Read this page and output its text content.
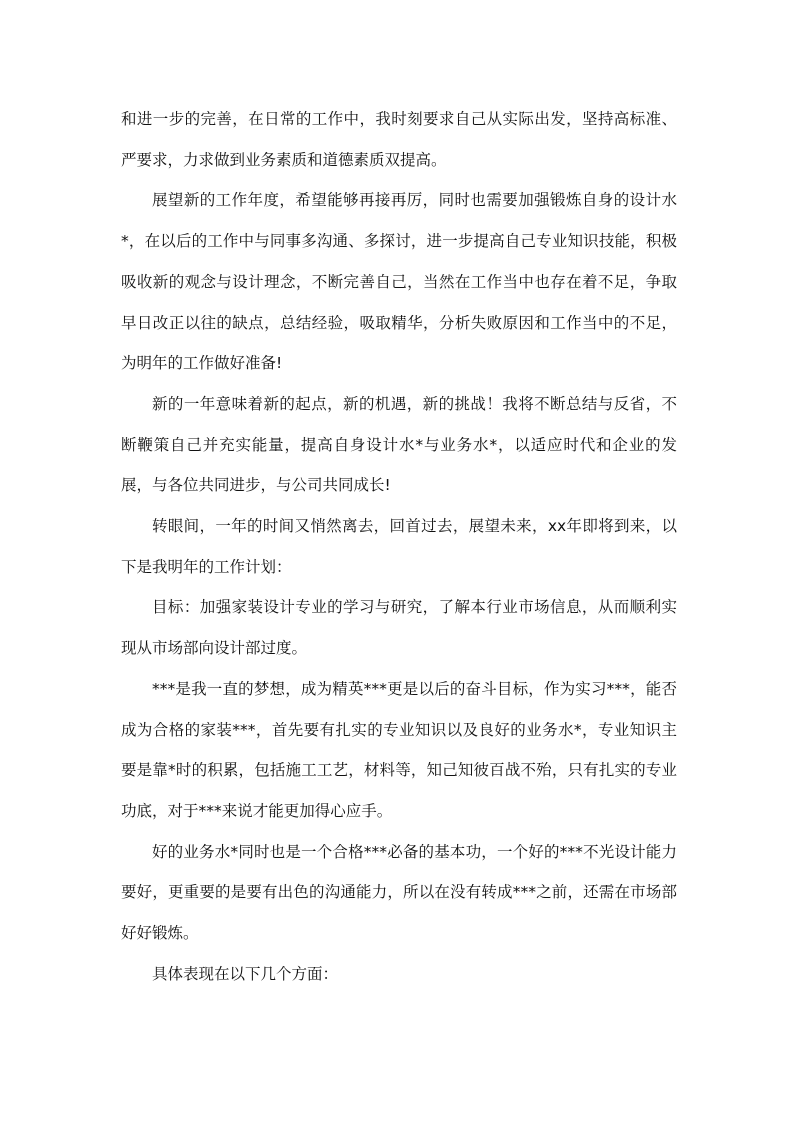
和进一步的完善，在日常的工作中，我时刻要求自己从实际出发，坚持高标准、严要求，力求做到业务素质和道德素质双提高。

展望新的工作年度，希望能够再接再厉，同时也需要加强锻炼自身的设计水*，在以后的工作中与同事多沟通、多探讨，进一步提高自己专业知识技能，积极吸收新的观念与设计理念，不断完善自己，当然在工作当中也存在着不足，争取早日改正以往的缺点，总结经验，吸取精华，分析失败原因和工作当中的不足，为明年的工作做好准备!

新的一年意味着新的起点，新的机遇，新的挑战！我将不断总结与反省，不断鞭策自己并充实能量，提高自身设计水*与业务水*，以适应时代和企业的发展，与各位共同进步，与公司共同成长!

转眼间，一年的时间又悄然离去，回首过去，展望未来，xx年即将到来，以下是我明年的工作计划：

目标：加强家装设计专业的学习与研究，了解本行业市场信息，从而顺利实现从市场部向设计部过度。

***是我一直的梦想，成为精英***更是以后的奋斗目标，作为实习***，能否成为合格的家装***，首先要有扎实的专业知识以及良好的业务水*，专业知识主要是靠*时的积累，包括施工工艺，材料等，知己知彼百战不殆，只有扎实的专业功底，对于***来说才能更加得心应手。

好的业务水*同时也是一个合格***必备的基本功，一个好的***不光设计能力要好，更重要的是要有出色的沟通能力，所以在没有转成***之前，还需在市场部好好锻炼。

具体表现在以下几个方面：
